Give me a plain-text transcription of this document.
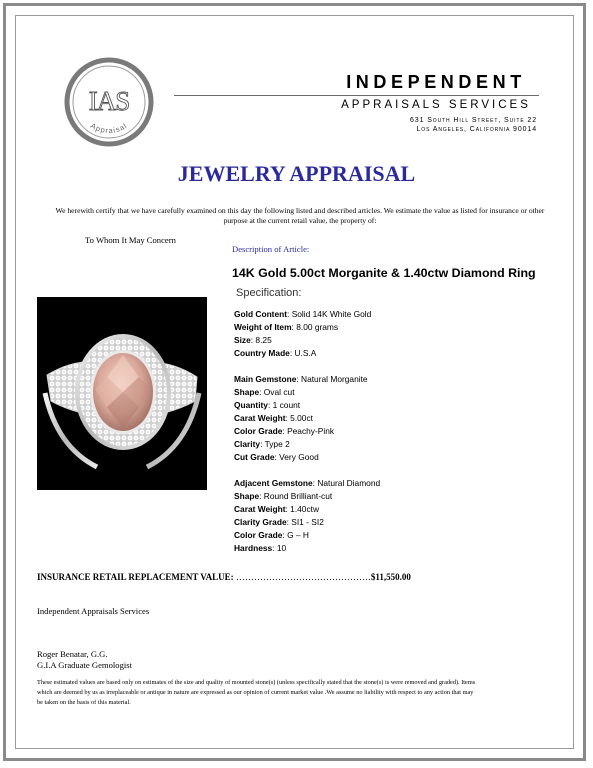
IAS
Appraisal
INDEPENDENT
APPRAISALS SERVICES
631 South Hill Street, Suite 22
Los Angeles, California 90014
JEWELRY APPRAISAL
We herewith certify that we have carefully examined on this day the following listed and described articles. We estimate the value as listed for insurance or other purpose at the current retail value, the property of:
To Whom It May Concern
Description of Article:
14K Gold 5.00ct Morganite & 1.40ctw Diamond Ring
Specification:
Gold Content: Solid 14K White Gold
Weight of Item: 8.00 grams
Size: 8.25
Country Made: U.S.A
Main Gemstone: Natural Morganite
Shape: Oval cut
Quantity: 1 count
Carat Weight: 5.00ct
Color Grade: Peachy-Pink
Clarity: Type 2
Cut Grade: Very Good
Adjacent Gemstone: Natural Diamond
Shape: Round Brilliant-cut
Carat Weight: 1.40ctw
Clarity Grade: SI1 - SI2
Color Grade: G – H
Hardness: 10
INSURANCE RETAIL REPLACEMENT VALUE: ………………………………………$11,550.00
Independent Appraisals Services
Roger Benatar, G.G.
G.I.A Graduate Gemologist
These estimated values are based only on estimates of the size and quality of mounted stone(s) (unless specifically stated that the stone(s) is were removed and graded). Items which are deemed by us as irreplaceable or antique in nature are expressed as our opinion of current market value .We assume no liability with respect to any action that may be taken on the basis of this material.
